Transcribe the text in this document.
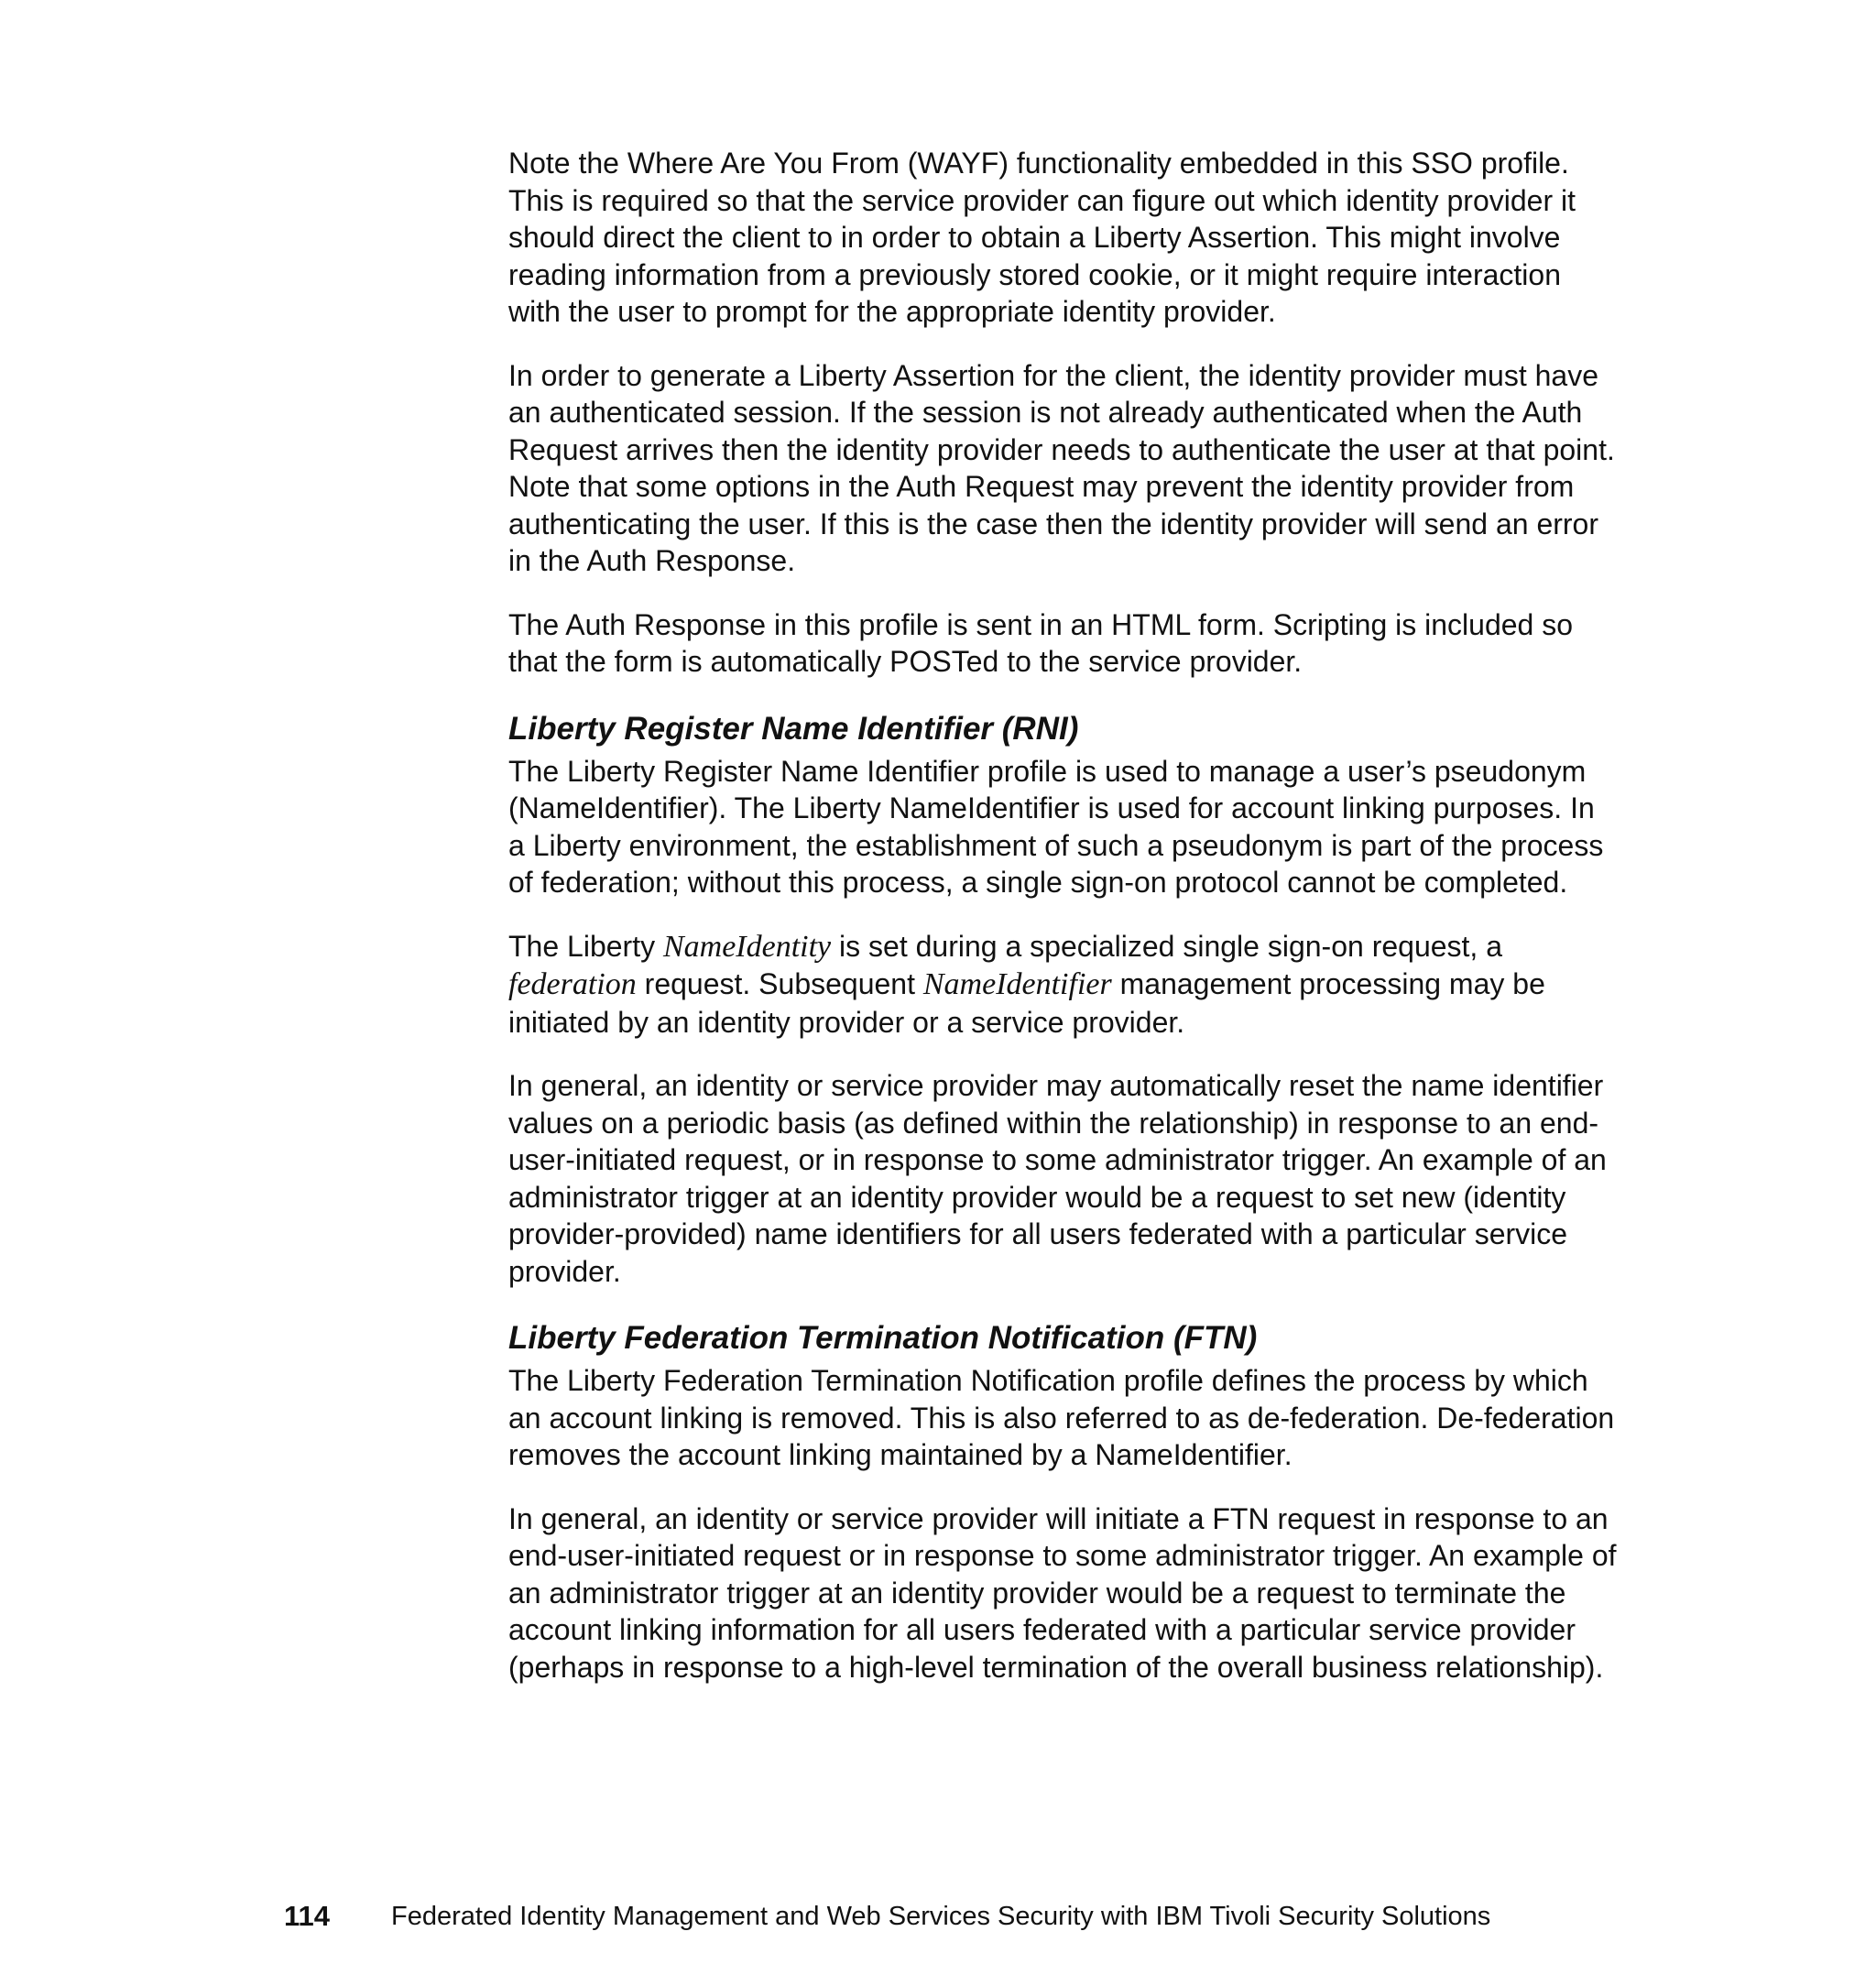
Note the Where Are You From (WAYF) functionality embedded in this SSO profile. This is required so that the service provider can figure out which identity provider it should direct the client to in order to obtain a Liberty Assertion. This might involve reading information from a previously stored cookie, or it might require interaction with the user to prompt for the appropriate identity provider.

In order to generate a Liberty Assertion for the client, the identity provider must have an authenticated session. If the session is not already authenticated when the Auth Request arrives then the identity provider needs to authenticate the user at that point. Note that some options in the Auth Request may prevent the identity provider from authenticating the user. If this is the case then the identity provider will send an error in the Auth Response.

The Auth Response in this profile is sent in an HTML form. Scripting is included so that the form is automatically POSTed to the service provider.

Liberty Register Name Identifier (RNI)

The Liberty Register Name Identifier profile is used to manage a user’s pseudonym (NameIdentifier). The Liberty NameIdentifier is used for account linking purposes. In a Liberty environment, the establishment of such a pseudonym is part of the process of federation; without this process, a single sign-on protocol cannot be completed.

The Liberty NameIdentity is set during a specialized single sign-on request, a federation request. Subsequent NameIdentifier management processing may be initiated by an identity provider or a service provider.

In general, an identity or service provider may automatically reset the name identifier values on a periodic basis (as defined within the relationship) in response to an end-user-initiated request, or in response to some administrator trigger. An example of an administrator trigger at an identity provider would be a request to set new (identity provider-provided) name identifiers for all users federated with a particular service provider.

Liberty Federation Termination Notification (FTN)

The Liberty Federation Termination Notification profile defines the process by which an account linking is removed. This is also referred to as de-federation. De-federation removes the account linking maintained by a NameIdentifier.

In general, an identity or service provider will initiate a FTN request in response to an end-user-initiated request or in response to some administrator trigger. An example of an administrator trigger at an identity provider would be a request to terminate the account linking information for all users federated with a particular service provider (perhaps in response to a high-level termination of the overall business relationship).

114 Federated Identity Management and Web Services Security with IBM Tivoli Security Solutions
